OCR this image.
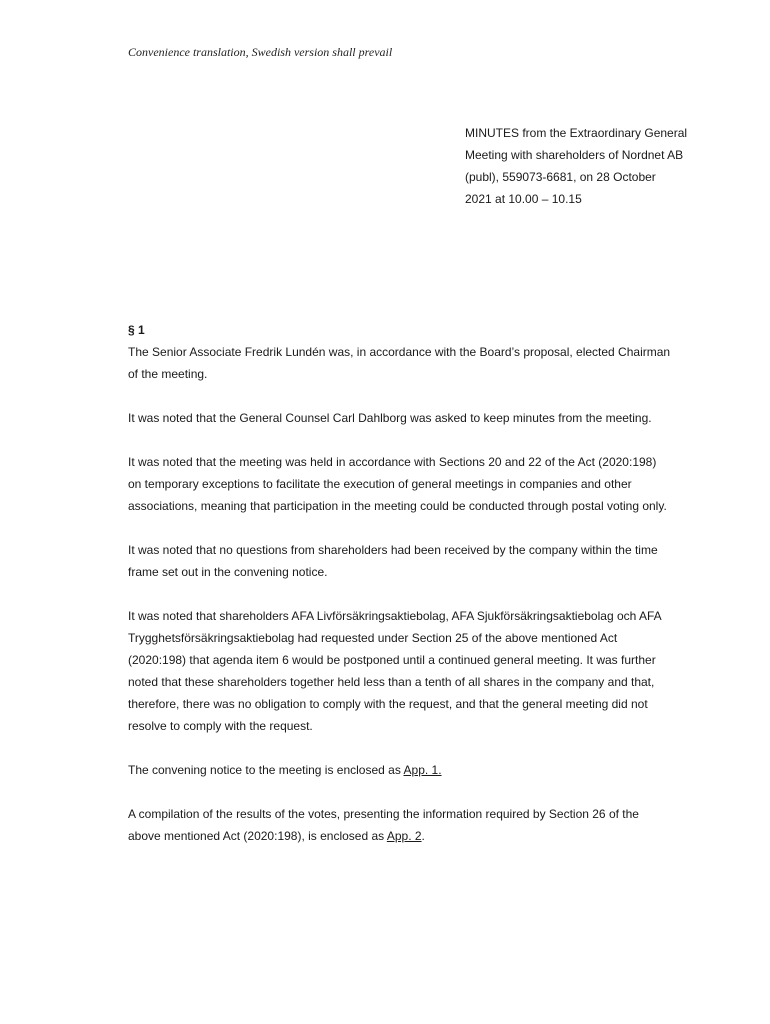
Convenience translation, Swedish version shall prevail
MINUTES from the Extraordinary General
Meeting with shareholders of Nordnet AB
(publ), 559073-6681, on 28 October
2021 at 10.00 – 10.15
§ 1
The Senior Associate Fredrik Lundén was, in accordance with the Board’s proposal, elected Chairman
of the meeting.
It was noted that the General Counsel Carl Dahlborg was asked to keep minutes from the meeting.
It was noted that the meeting was held in accordance with Sections 20 and 22 of the Act (2020:198)
on temporary exceptions to facilitate the execution of general meetings in companies and other
associations, meaning that participation in the meeting could be conducted through postal voting only.
It was noted that no questions from shareholders had been received by the company within the time
frame set out in the convening notice.
It was noted that shareholders AFA Livförsäkringsaktiebolag, AFA Sjukförsäkringsaktiebolag och AFA
Trygghetsförsäkringsaktiebolag had requested under Section 25 of the above mentioned Act
(2020:198) that agenda item 6 would be postponed until a continued general meeting. It was further
noted that these shareholders together held less than a tenth of all shares in the company and that,
therefore, there was no obligation to comply with the request, and that the general meeting did not
resolve to comply with the request.
The convening notice to the meeting is enclosed as App. 1.
A compilation of the results of the votes, presenting the information required by Section 26 of the
above mentioned Act (2020:198), is enclosed as App. 2.
